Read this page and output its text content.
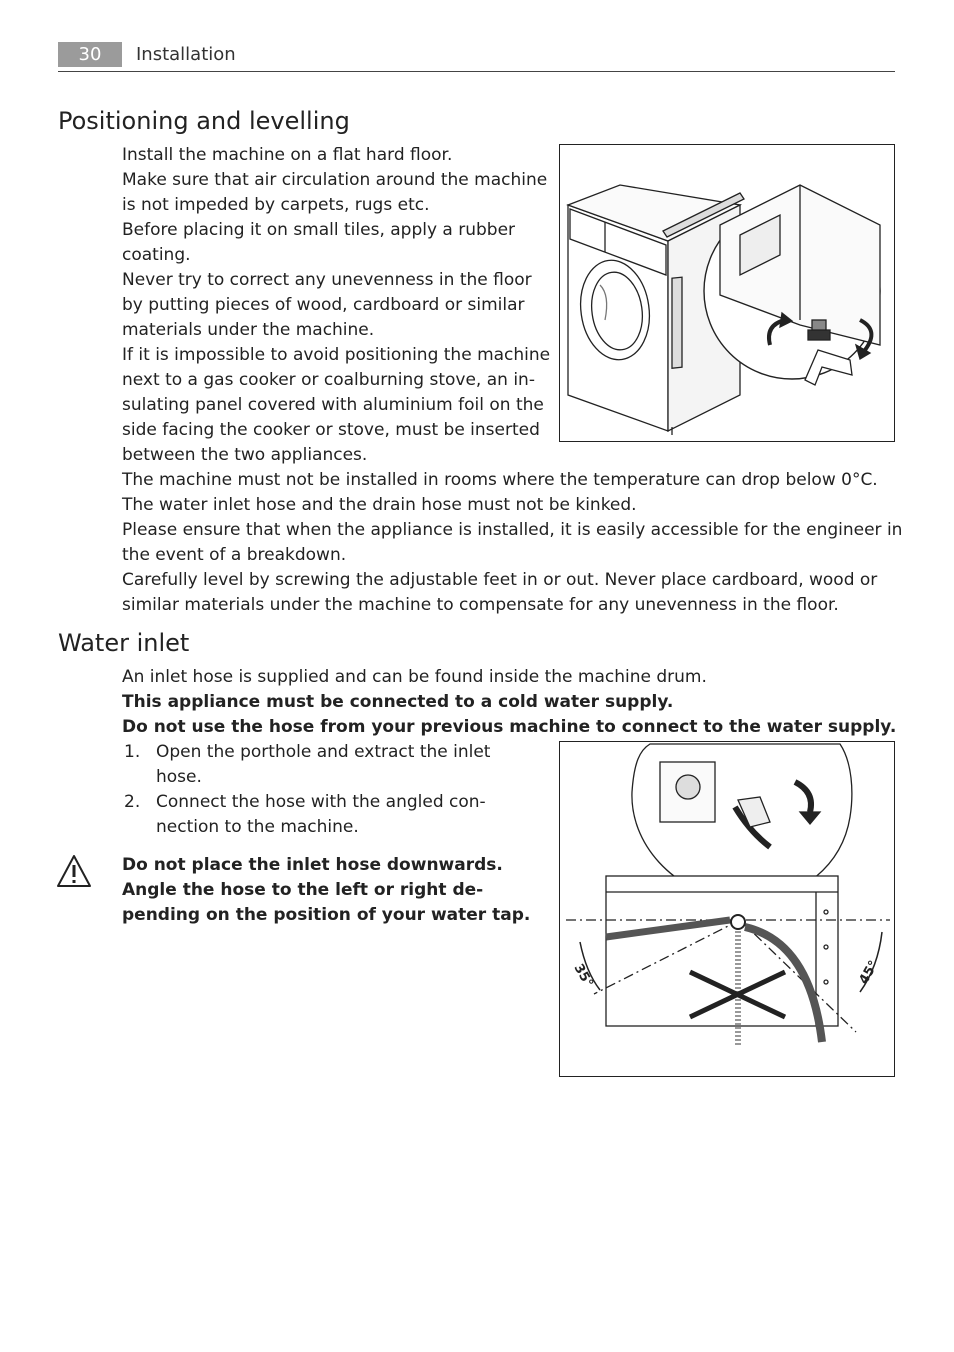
30	Installation
Positioning and levelling

Install the machine on a flat hard floor.

Make sure that air circulation around the machine

is not impeded by carpets, rugs etc.

Before placing it on small tiles, apply a rubber

coating.

Never try to correct any unevenness in the floor

by putting pieces of wood, cardboard or similar

materials under the machine.

If it is impossible to avoid positioning the machine

next to a gas cooker or coalburning stove, an in-

sulating panel covered with aluminium foil on the

side facing the cooker or stove, must be inserted

between the two appliances.

The machine must not be installed in rooms where the temperature can drop below 0°C.

The water inlet hose and the drain hose must not be kinked.

Please ensure that when the appliance is installed, it is easily accessible for the engineer in

the event of a breakdown.

Carefully level by screwing the adjustable feet in or out. Never place cardboard, wood or

similar materials under the machine to compensate for any unevenness in the floor.

Water inlet

An inlet hose is supplied and can be found inside the machine drum.

This appliance must be connected to a cold water supply.

Do not use the hose from your previous machine to connect to the water supply.

1. Open the porthole and extract the inlet

hose.

2. Connect the hose with the angled con-

nection to the machine.

Do not place the inlet hose downwards.

Angle the hose to the left or right de-

pending on the position of your water tap.

35°	45°
